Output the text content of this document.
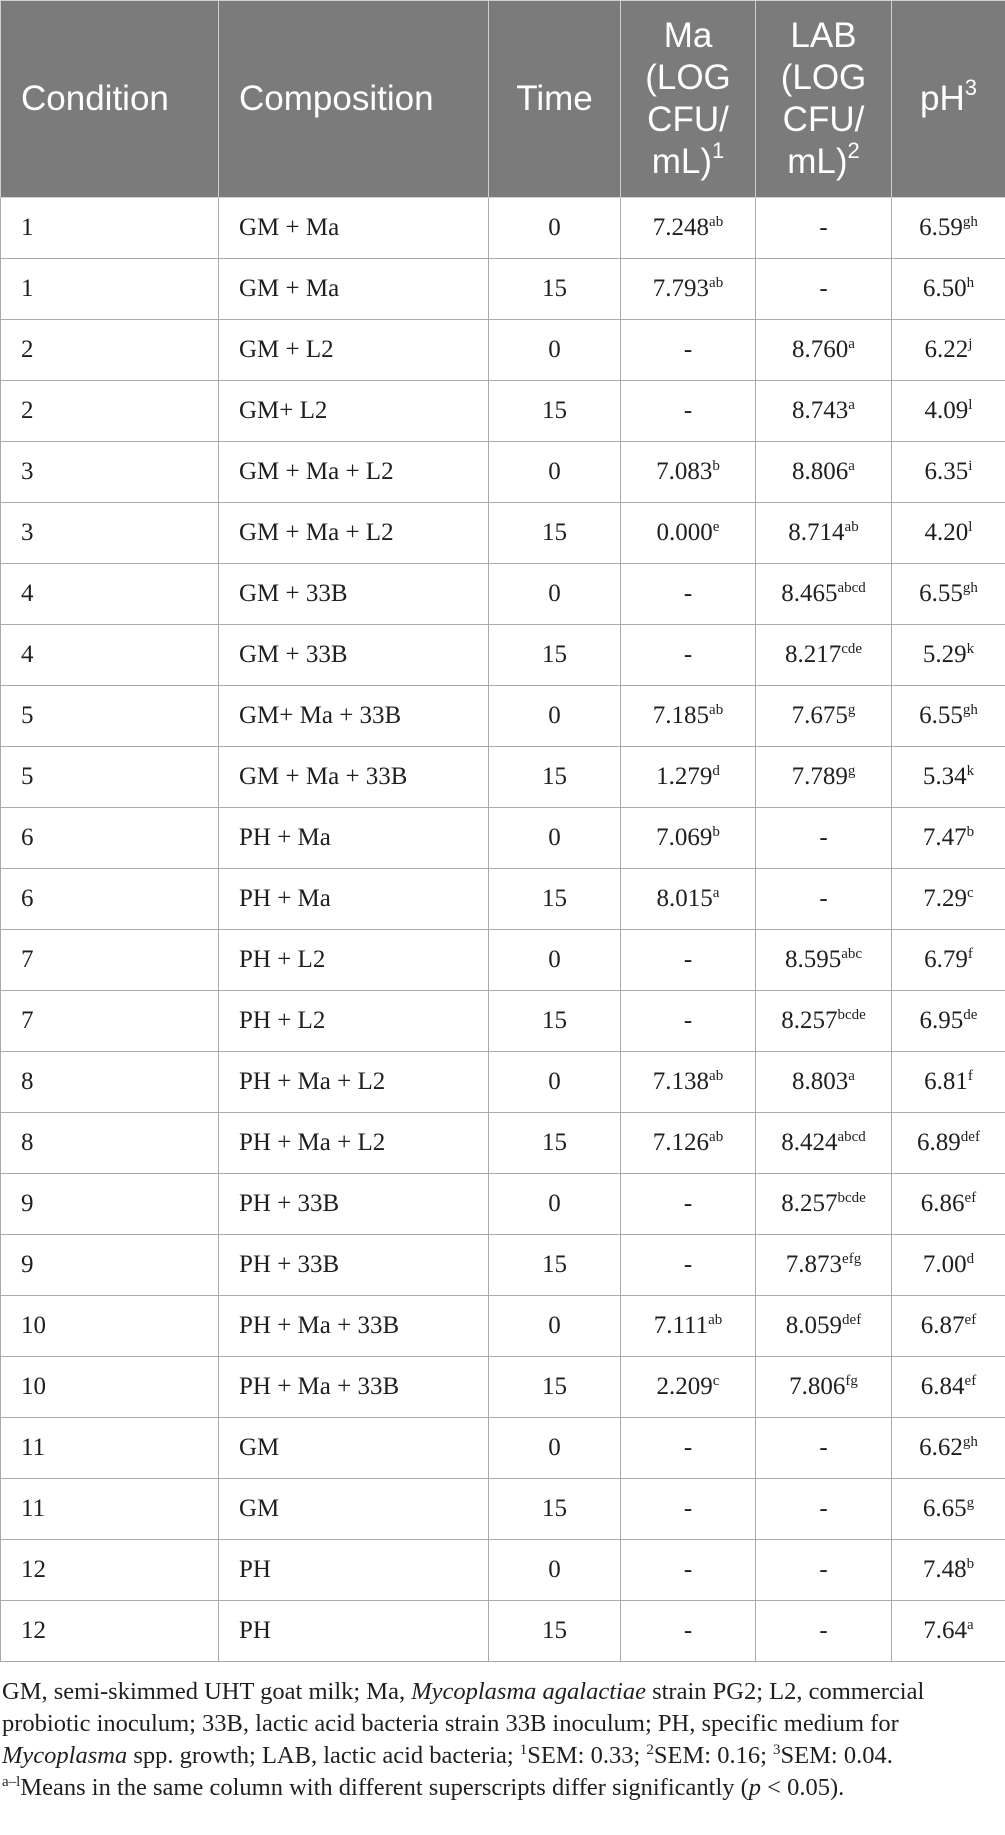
Condition	Composition	Time	Ma
(LOG
CFU/
mL)$^1$	LAB
(LOG
CFU/
mL)$^2$	$pH^3$
1	GM + Ma	0	7.248$^{ab}$	-	6.59$^{gh}$
1	GM + Ma	15	7.793$^{ab}$	-	6.50$^h$
2	GM + L2	0	-	8.760$^a$	6.22$^j$
2	GM+ L2	15	-	8.743$^a$	4.09$^l$
3	GM + Ma + L2	0	7.083$^b$	8.806$^a$	6.35$^i$
3	GM + Ma + L2	15	0.000e	8.714$^{ab}$	4.20$^l$
4	GM + 33B	0	-	$8.465^{abcd}$	6.55$^{gh}$
4	GM + 33B	15	-	8.217$^{cde}$	5.29$^k$
5	GM+ Ma + 33B	0	7.185$^{ab}$	7.675$^g$	6.55$^{gh}$
5	GM + Ma + 33B	15	1.279$^d$	7.789$^g$	5.34$^k$
6	PH + Ma	0	7.069$^b$	-	7.47$^b$
6	PH + Ma	15	8.015$^a$	-	7.29$^c$
7	PH + L2	0	-	8.595$^{abc}$	6.79$^f$
7	PH + L2	15	-	$8.257^{bcde}$	6.95de
8	PH + Ma + L2	0	7.138$^{ab}$	8.803$^a$	6.81$^f$
8	PH + Ma + L2	15	7.126$^{ab}$	$8.424^{abcd}$	6.89$^{def}$
9	PH + 33B	0	-	$8.257^{bcde}$	6.86$^{ef}$
9	PH + 33B	15	-	7.873$^{efg}$	7.00$^d$
10	PH + Ma + 33B	0	7.111$^{ab}$	8.059$^{def}$	6.87$^{ef}$
10	PH + Ma + 33B	15	2.209$^c$	7.806$^{fg}$	6.84$^{ef}$
11	GM	0	-	-	6.62$^{gh}$
11	GM	15	-	-	6.65$^g$
12	PH	0	-	-	7.48$^b$
12	PH	15	-	-	7.64$^a$
GM, semi-skimmed UHT goat milk; Ma, Mycoplasma agalactiae strain PG2; L2, commercial probiotic inoculum; 33B, lactic acid bacteria strain 33B inoculum; PH, specific medium for Mycoplasma spp. growth; LAB, lactic acid bacteria; $^1$SEM: 0.33; $^2$SEM: 0.16; $^3$SEM: 0.04.
$^{a-l}$Means in the same column with different superscripts differ significantly (p < 0.05).
